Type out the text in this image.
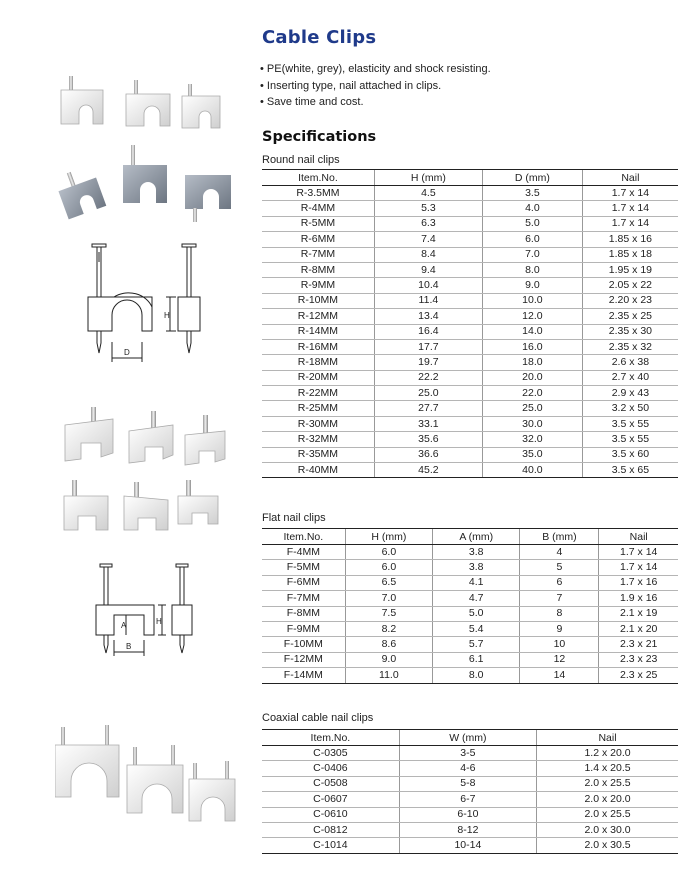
Cable Clips
• PE(white, grey), elasticity and shock resisting.
• Inserting type, nail attached in clips.
• Save time and cost.
Specifications
Round nail clips
Item.No.	H (mm)	D (mm)	Nail
R-3.5MM	4.5	3.5	1.7 x 14
R-4MM	5.3	4.0	1.7 x 14
R-5MM	6.3	5.0	1.7 x 14
R-6MM	7.4	6.0	1.85 x 16
R-7MM	8.4	7.0	1.85 x 18
R-8MM	9.4	8.0	1.95 x 19
R-9MM	10.4	9.0	2.05 x 22
R-10MM	11.4	10.0	2.20 x 23
R-12MM	13.4	12.0	2.35 x 25
R-14MM	16.4	14.0	2.35 x 30
R-16MM	17.7	16.0	2.35 x 32
R-18MM	19.7	18.0	2.6 x 38
R-20MM	22.2	20.0	2.7 x 40
R-22MM	25.0	22.0	2.9 x 43
R-25MM	27.7	25.0	3.2 x 50
R-30MM	33.1	30.0	3.5 x 55
R-32MM	35.6	32.0	3.5 x 55
R-35MM	36.6	35.0	3.5 x 60
R-40MM	45.2	40.0	3.5 x 65
Flat nail clips
Item.No.	H (mm)	A (mm)	B (mm)	Nail
F-4MM	6.0	3.8	4	1.7 x 14
F-5MM	6.0	3.8	5	1.7 x 14
F-6MM	6.5	4.1	6	1.7 x 16
F-7MM	7.0	4.7	7	1.9 x 16
F-8MM	7.5	5.0	8	2.1 x 19
F-9MM	8.2	5.4	9	2.1 x 20
F-10MM	8.6	5.7	10	2.3 x 21
F-12MM	9.0	6.1	12	2.3 x 23
F-14MM	11.0	8.0	14	2.3 x 25
Coaxial cable nail clips
Item.No.	W (mm)	Nail
C-0305	3-5	1.2 x 20.0
C-0406	4-6	1.4 x 20.5
C-0508	5-8	2.0 x 25.5
C-0607	6-7	2.0 x 20.0
C-0610	6-10	2.0 x 25.5
C-0812	8-12	2.0 x 30.0
C-1014	10-14	2.0 x 30.5
H
D
A	H
B
